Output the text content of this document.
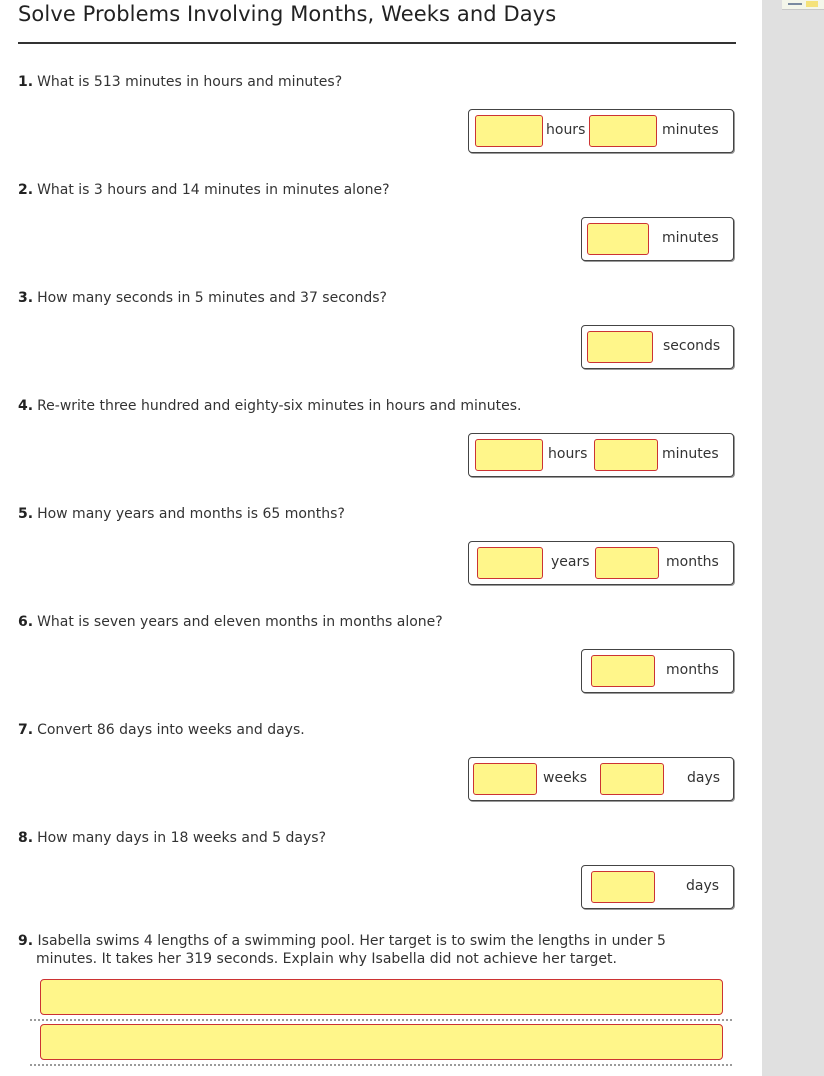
Solve Problems Involving Months, Weeks and Days
1. What is 513 minutes in hours and minutes?
hours	minutes
2. What is 3 hours and 14 minutes in minutes alone?
minutes
3. How many seconds in 5 minutes and 37 seconds?
seconds
4. Re-write three hundred and eighty-six minutes in hours and minutes.
hours	minutes
5. How many years and months is 65 months?
years	months
6. What is seven years and eleven months in months alone?
months
7. Convert 86 days into weeks and days.
weeks	days
8. How many days in 18 weeks and 5 days?
days
9. Isabella swims 4 lengths of a swimming pool. Her target is to swim the lengths in under 5
minutes. It takes her 319 seconds. Explain why Isabella did not achieve her target.
